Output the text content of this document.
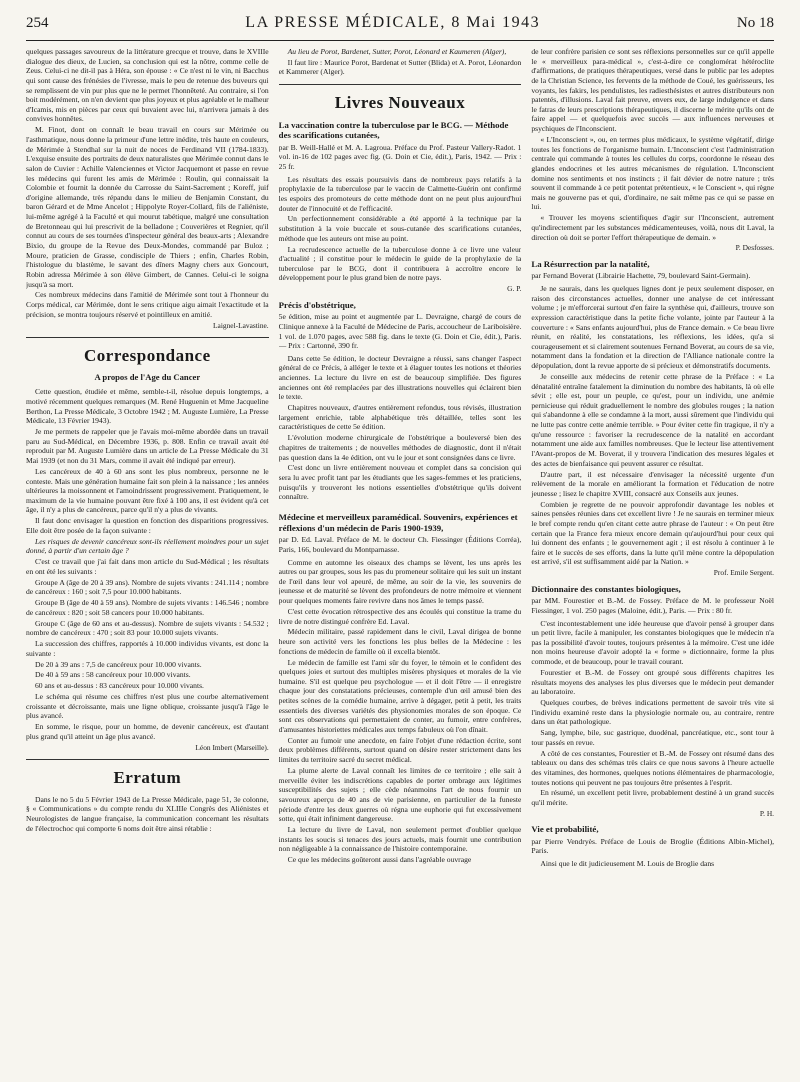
254	LA PRESSE MÉDICALE, 8 Mai 1943	No 18

quelques passages savoureux de la littérature grecque et trouve, dans le XVIIIe dialogue des dieux, de Lucien, sa conclusion qui est la nôtre, comme celle de Zeus. Celui-ci ne dit-il pas à Héra, son épouse : « Ce n'est ni le vin, ni Bacchus qui sont cause des frénésies de l'ivresse, mais le peu de retenue des buveurs qui se remplissent de vin pur plus que ne le permet l'honnêteté. Au contraire, si l'on boit modérément, on n'en devient que plus joyeux et plus agréable et le malheur d'Icamis, mis en pièces par ceux qui buvaient avec lui, n'arrivera jamais à des convives honnêtes.

M. Finot, dont on connaît le beau travail en cours sur Mérimée ou l'asthmatique, nous donne la primeur d'une lettre inédite, très haute en couleurs, de Mérimée à Stendhal sur la nuit de noces de Ferdinand VII (1784-1833). L'exquise ensuite des portraits de deux naturalistes que Mérimée connut dans le salon de Cuvier : Achille Valenciennes et Victor Jacquemont et passe en revue les médecins qui furent les amis de Mérimée : Roulin, qui connaissait la Colombie et fournit la donnée du Carrosse du Saint-Sacrement ; Koreff, juif d'origine allemande, très répandu dans le milieu de Benjamin Constant, du baron Gérard et de Mme Ancelot ; Hippolyte Royer-Collard, fils de l'aliéniste, lui-même agrégé à la Faculté et qui mourut tabétique, malgré une consultation de Bretonneau qui lui prescrivit de la belladone ; Couverières et Regnier, qu'il connut au cours de ses tournées d'inspecteur général des beaux-arts ; Alexandre Bixio, du groupe de la Revue des Deux-Mondes, commandé par Buloz ; Moure, praticien de Grasse, condisciple de Thiers ; enfin, Charles Robin, l'histologue du blastème, le savant des dîners Magny chers aux Goncourt, Robin adressa Mérimée à son élève Gimbert, de Cannes. Celui-ci le soigna jusqu'à sa mort.

Ces nombreux médecins dans l'amitié de Mérimée sont tout à l'honneur du Corps médical, car Mérimée, dont le sens critique aigu aimait l'exactitude et la précision, se montra toujours réservé et pointilleux en amitié.

Laignel-Lavastine.
Correspondance
A propos de l'Age du Cancer

Cette question, étudiée et même, semble-t-il, résolue depuis longtemps, a motivé récemment quelques remarques (M. René Huguenin et Mme Jacqueline Berthon, La Presse Médicale, 3 Octobre 1942 ; M. Auguste Lumière, La Presse Médicale, 13 Février 1943).

Je me permets de rappeler que je l'avais moi-même abordée dans un travail paru au Sud-Médical, en Décembre 1936, p. 808. Enfin ce travail avait été reproduit par M. Auguste Lumière dans un article de La Presse Médicale du 31 Mai 1939 (et non du 31 Mars, comme il avait été indiqué par erreur).

Les cancéreux de 40 à 60 ans sont les plus nombreux, personne ne le conteste. Mais une génération humaine fait son plein à la naissance ; les années ultérieures la moissonnent et l'amoindrissent progressivement. Pratiquement, le maximum de la vie humaine pouvant être fixé à 100 ans, il est évident qu'à cet âge, il n'y a plus de cancéreux, parce qu'il n'y a plus de vivants.

Il faut donc envisager la question en fonction des disparitions progressives. Elle doit être posée de la façon suivante :

Les risques de devenir cancéreux sont-ils réellement moindres pour un sujet donné, à partir d'un certain âge ?

C'est ce travail que j'ai fait dans mon article du Sud-Médical ; les résultats en ont été les suivants :

Groupe A (âge de 20 à 39 ans). Nombre de sujets vivants : 241.114 ; nombre de cancéreux : 160 ; soit 7,5 pour 10.000 habitants.

Groupe B (âge de 40 à 59 ans). Nombre de sujets vivants : 146.546 ; nombre de cancéreux : 820 ; soit 58 cancers pour 10.000 habitants.

Groupe C (âge de 60 ans et au-dessus). Nombre de sujets vivants : 54.532 ; nombre de cancéreux : 470 ; soit 83 pour 10.000 sujets vivants.

La succession des chiffres, rapportés à 10.000 individus vivants, est donc la suivante :

De 20 à 39 ans : 7,5 de cancéreux pour 10.000 vivants.

De 40 à 59 ans : 58 cancéreux pour 10.000 vivants.

60 ans et au-dessus : 83 cancéreux pour 10.000 vivants.

Le schéma qui résume ces chiffres n'est plus une courbe alternativement croissante et décroissante, mais une ligne oblique, croissante jusqu'à l'âge le plus avancé.

En somme, le risque, pour un homme, de devenir cancéreux, est d'autant plus grand qu'il atteint un âge plus avancé.

Léon Imbert (Marseille).
Erratum

Dans le no 5 du 5 Février 1943 de La Presse Médicale, page 51, 3e colonne, § « Communications » du compte rendu du XLIIIe Congrès des Aliénistes et Neurologistes de langue française, la communication concernant les résultats de l'électrochoc qui comporte 6 noms doit être ainsi rétablie :

Au lieu de Porot, Bardenet, Sutter, Porot, Léonard et Kaumeren (Alger),

Il faut lire : Maurice Porot, Bardenat et Sutter (Blida) et A. Porot, Léonardon et Kammerer (Alger).

Livres Nouveaux
La vaccination contre la tuberculose par le BCG. — Méthode des scarifications cutanées,
par B. Weill-Hallé et M. A. Lagroua. Préface du Prof. Pasteur Vallery-Radot. 1 vol. in-16 de 102 pages avec fig. (G. Doin et Cie, édit.), Paris, 1942. — Prix : 25 fr.

Les résultats des essais poursuivis dans de nombreux pays relatifs à la prophylaxie de la tuberculose par le vaccin de Calmette-Guérin ont confirmé les espoirs des promoteurs de cette méthode dont on ne peut plus aujourd'hui douter de l'innocuité et de l'efficacité.

Un perfectionnement considérable a été apporté à la technique par la substitution à la voie buccale et sous-cutanée des scarifications cutanées, méthode que les auteurs ont mise au point.

La recrudescence actuelle de la tuberculose donne à ce livre une valeur d'actualité ; il constitue pour le médecin le guide de la prophylaxie de la tuberculose par le BCG, dont il contribuera à accroître encore le développement pour le plus grand bien de notre pays.

G. P.
Précis d'obstétrique,
5e édition, mise au point et augmentée par L. Devraigne, chargé de cours de Clinique annexe à la Faculté de Médecine de Paris, accoucheur de Lariboisière. 1 vol. de 1.070 pages, avec 588 fig. dans le texte (G. Doin et Cie, édit.), Paris. — Prix : Cartonné, 390 fr.

Dans cette 5e édition, le docteur Devraigne a réussi, sans changer l'aspect général de ce Précis, à alléger le texte et à élaguer toutes les notions et théories anciennes. La lecture du livre en est de beaucoup simplifiée. Des figures anciennes ont été remplacées par des illustrations nouvelles qui éclairent bien le texte.

Chapitres nouveaux, d'autres entièrement refondus, tous révisés, illustration largement enrichie, table alphabétique très détaillée, telles sont les caractéristiques de cette 5e édition.

L'évolution moderne chirurgicale de l'obstétrique a bouleversé bien des chapitres de traitements ; de nouvelles méthodes de diagnostic, dont il n'était pas question dans la 4e édition, ont vu le jour et sont consignées dans ce livre.

C'est donc un livre entièrement nouveau et complet dans sa concision qui sera lu avec profit tant par les étudiants que les sages-femmes et les praticiens, puisqu'ils y trouveront les notions essentielles d'obstétrique qu'ils doivent connaître.

Médecine et merveilleux paramédical. Souvenirs, expériences et réflexions d'un médecin de Paris 1900-1939,
par D. Ed. Laval. Préface de M. le docteur Ch. Fiessinger (Éditions Corréa), Paris, 166, boulevard du Montparnasse.

Comme en automne les oiseaux des champs se lèvent, les uns après les autres ou par groupes, sous les pas du promeneur solitaire qui les suit un instant de l'œil dans leur vol apeuré, de même, au soir de la vie, les souvenirs de jeunesse et de maturité se lèvent des profondeurs de notre mémoire et viennent pour quelques moments faire revivre dans nos âmes le temps passé.

C'est cette évocation rétrospective des ans écoulés qui constitue la trame du livre de notre distingué confrère Ed. Laval.

Médecin militaire, passé rapidement dans le civil, Laval dirigea de bonne heure son activité vers les fonctions les plus belles de la Médecine : les fonctions de médecin de famille où il excella bientôt.

Le médecin de famille est l'ami sûr du foyer, le témoin et le confident des quelques joies et surtout des multiples misères physiques et morales de la vie humaine. S'il est quelque peu psychologue — et il doit l'être — il enregistre chaque jour des constatations précieuses, contemple d'un œil amusé bien des petites scènes de la comédie humaine, arrive à dégager, petit à petit, les traits essentiels des diverses variétés des physionomies morales de son époque. Ce sont ces observations qui permettaient de conter, au fumoir, entre confrères, d'amusantes historiettes médicales aux temps fabuleux où l'on dînait.

Conter au fumoir une anecdote, en faire l'objet d'une rédaction écrite, sont deux problèmes différents, surtout quand on désire rester strictement dans les limites du territoire sacré du secret médical.

La plume alerte de Laval connaît les limites de ce territoire ; elle sait à merveille éviter les indiscrétions capables de porter ombrage aux légitimes susceptibilités des sujets ; elle cède néanmoins l'art de nous fournir un savoureux aperçu de 40 ans de vie parisienne, en particulier de la funeste période d'entre les deux guerres où régna une euphorie qui fut excessivement sotte, qui était infiniment dangereuse.

La lecture du livre de Laval, non seulement permet d'oublier quelque instants les soucis si tenaces des jours actuels, mais fournit une contribution non négligeable à la connaissance de l'histoire contemporaine.

Ce que les médecins goûteront aussi dans l'agréable ouvrage

de leur confrère parisien ce sont ses réflexions personnelles sur ce qu'il appelle le « merveilleux para-médical », c'est-à-dire ce conglomérat hétéroclite d'affirmations, de pratiques thérapeutiques, versé dans le public par les adeptes de la Christian Science, les fervents de la méthode de Coué, les guérisseurs, les voyants, les fakirs, les pendulistes, les radiesthésistes et autres distributeurs non patentés, d'illusions. Laval fait preuve, envers eux, de large indulgence et dans le fatras de leurs prescriptions thérapeutiques, il discerne le mérite qu'ils ont de faire appel — et quelquefois avec succès — aux influences nerveuses et psychiques de l'Inconscient.

« L'Inconscient », ou, en termes plus médicaux, le système végétatif, dirige toutes les fonctions de l'organisme humain. L'Inconscient c'est l'administration centrale qui commande à toutes les cellules du corps, coordonne le réseau des glandes endocrines et les autres mécanismes de régulation. L'Inconscient domine nos sentiments et nos instincts ; il fait dévier de notre nature ; très souvent il commande à ce petit potentat prétentieux, « le Conscient », qui règne mais ne gouverne pas et qui, d'ordinaire, ne sait même pas ce qui se passe en lui.

« Trouver les moyens scientifiques d'agir sur l'Inconscient, autrement qu'indirectement par les substances médicamenteuses, voilà, nous dit Laval, la direction où doit se porter l'effort thérapeutique de demain. »

P. Desfosses.
La Résurrection par la natalité,
par Fernand Boverat (Librairie Hachette, 79, boulevard Saint-Germain).

Je ne saurais, dans les quelques lignes dont je peux seulement disposer, en raison des circonstances actuelles, donner une analyse de cet intéressant volume ; je m'efforcerai surtout d'en faire la synthèse qui, d'ailleurs, trouve son expression caractéristique dans la petite fiche volante, jointe par l'auteur à la couverture : « Sans enfants aujourd'hui, plus de France demain. » Ce beau livre réunit, en réalité, les constatations, les réflexions, les idées, qu'a si courageusement et si clairement soutenues Fernand Boverat, au cours de sa vie, notamment dans la fondation et la direction de l'Alliance nationale contre la dépopulation, dont la revue apporte de si précieux et démonstratifs documents.

Je conseille aux médecins de retenir cette phrase de la Préface : « La dénatalité entraîne fatalement la diminution du nombre des habitants, là où elle sévit ; elle est, pour un peuple, ce qu'est, pour un individu, une anémie pernicieuse qui réduit graduellement le nombre des globules rouges ; la nation qui s'abandonne à elle se condamne à la mort, aussi sûrement que l'individu qui ne lutte pas contre cette anémie terrible. » Pour éviter cette fin tragique, il n'y a qu'une ressource : favoriser la recrudescence de la natalité en accordant notamment une aide aux familles nombreuses. Que le lecteur lise attentivement l'Avant-propos de M. Boverat, il y trouvera l'indication des mesures légales et des actes de bienfaisance qui peuvent assurer ce résultat.

D'autre part, il est nécessaire d'envisager la nécessité urgente d'un relèvement de la morale en améliorant la formation et l'éducation de notre jeunesse ; lisez le chapitre XVIII, consacré aux Conseils aux jeunes.

Combien je regrette de ne pouvoir approfondir davantage les nobles et saines pensées réunies dans cet excellent livre ! Je ne saurais en terminer mieux le bref compte rendu qu'en citant cette autre phrase de l'auteur : « On peut être certain que la France fera mieux encore demain qu'aujourd'hui pour ceux qui lui donnent des enfants ; le gouvernement agit ; il est résolu à continuer à le faire et le succès de ses efforts, dans la lutte qu'il mène contre la dépopulation est arrivé, s'il est suffisamment aidé par la Nation. »

Prof. Emile Sergent.
Dictionnaire des constantes biologiques,
par MM. Fourestier et B.-M. de Fossey. Préface de M. le professeur Noël Fiessinger, 1 vol. 250 pages (Maloine, édit.), Paris. — Prix : 80 fr.

C'est incontestablement une idée heureuse que d'avoir pensé à grouper dans un petit livre, facile à manipuler, les constantes biologiques que le médecin n'a pas la possibilité d'avoir toutes, toujours présentes à la mémoire. C'est une idée non moins heureuse d'avoir adopté la « forme » dictionnaire, forme la plus commode, et de beaucoup, pour le travail courant.

Fourestier et B.-M. de Fossey ont groupé sous différents chapitres les résultats moyens des analyses les plus diverses que le médecin peut demander au laboratoire.

Quelques courbes, de brèves indications permettent de savoir très vite si l'individu examiné reste dans la physiologie normale ou, au contraire, rentre dans un état pathologique.

Sang, lymphe, bile, suc gastrique, duodénal, pancréatique, etc., sont tour à tour passés en revue.

A côté de ces constantes, Fourestier et B.-M. de Fossey ont résumé dans des tableaux ou dans des schémas très clairs ce que nous savons à l'heure actuelle des vitamines, des hormones, quelques notions élémentaires de pharmacologie, toutes notions qui peuvent ne pas toujours être présentes à l'esprit.

En résumé, un excellent petit livre, probablement destiné à un grand succès qu'il mérite.

P. H.
Vie et probabilité,
par Pierre Vendryès. Préface de Louis de Broglie (Éditions Albin-Michel), Paris.

Ainsi que le dit judicieusement M. Louis de Broglie dans
